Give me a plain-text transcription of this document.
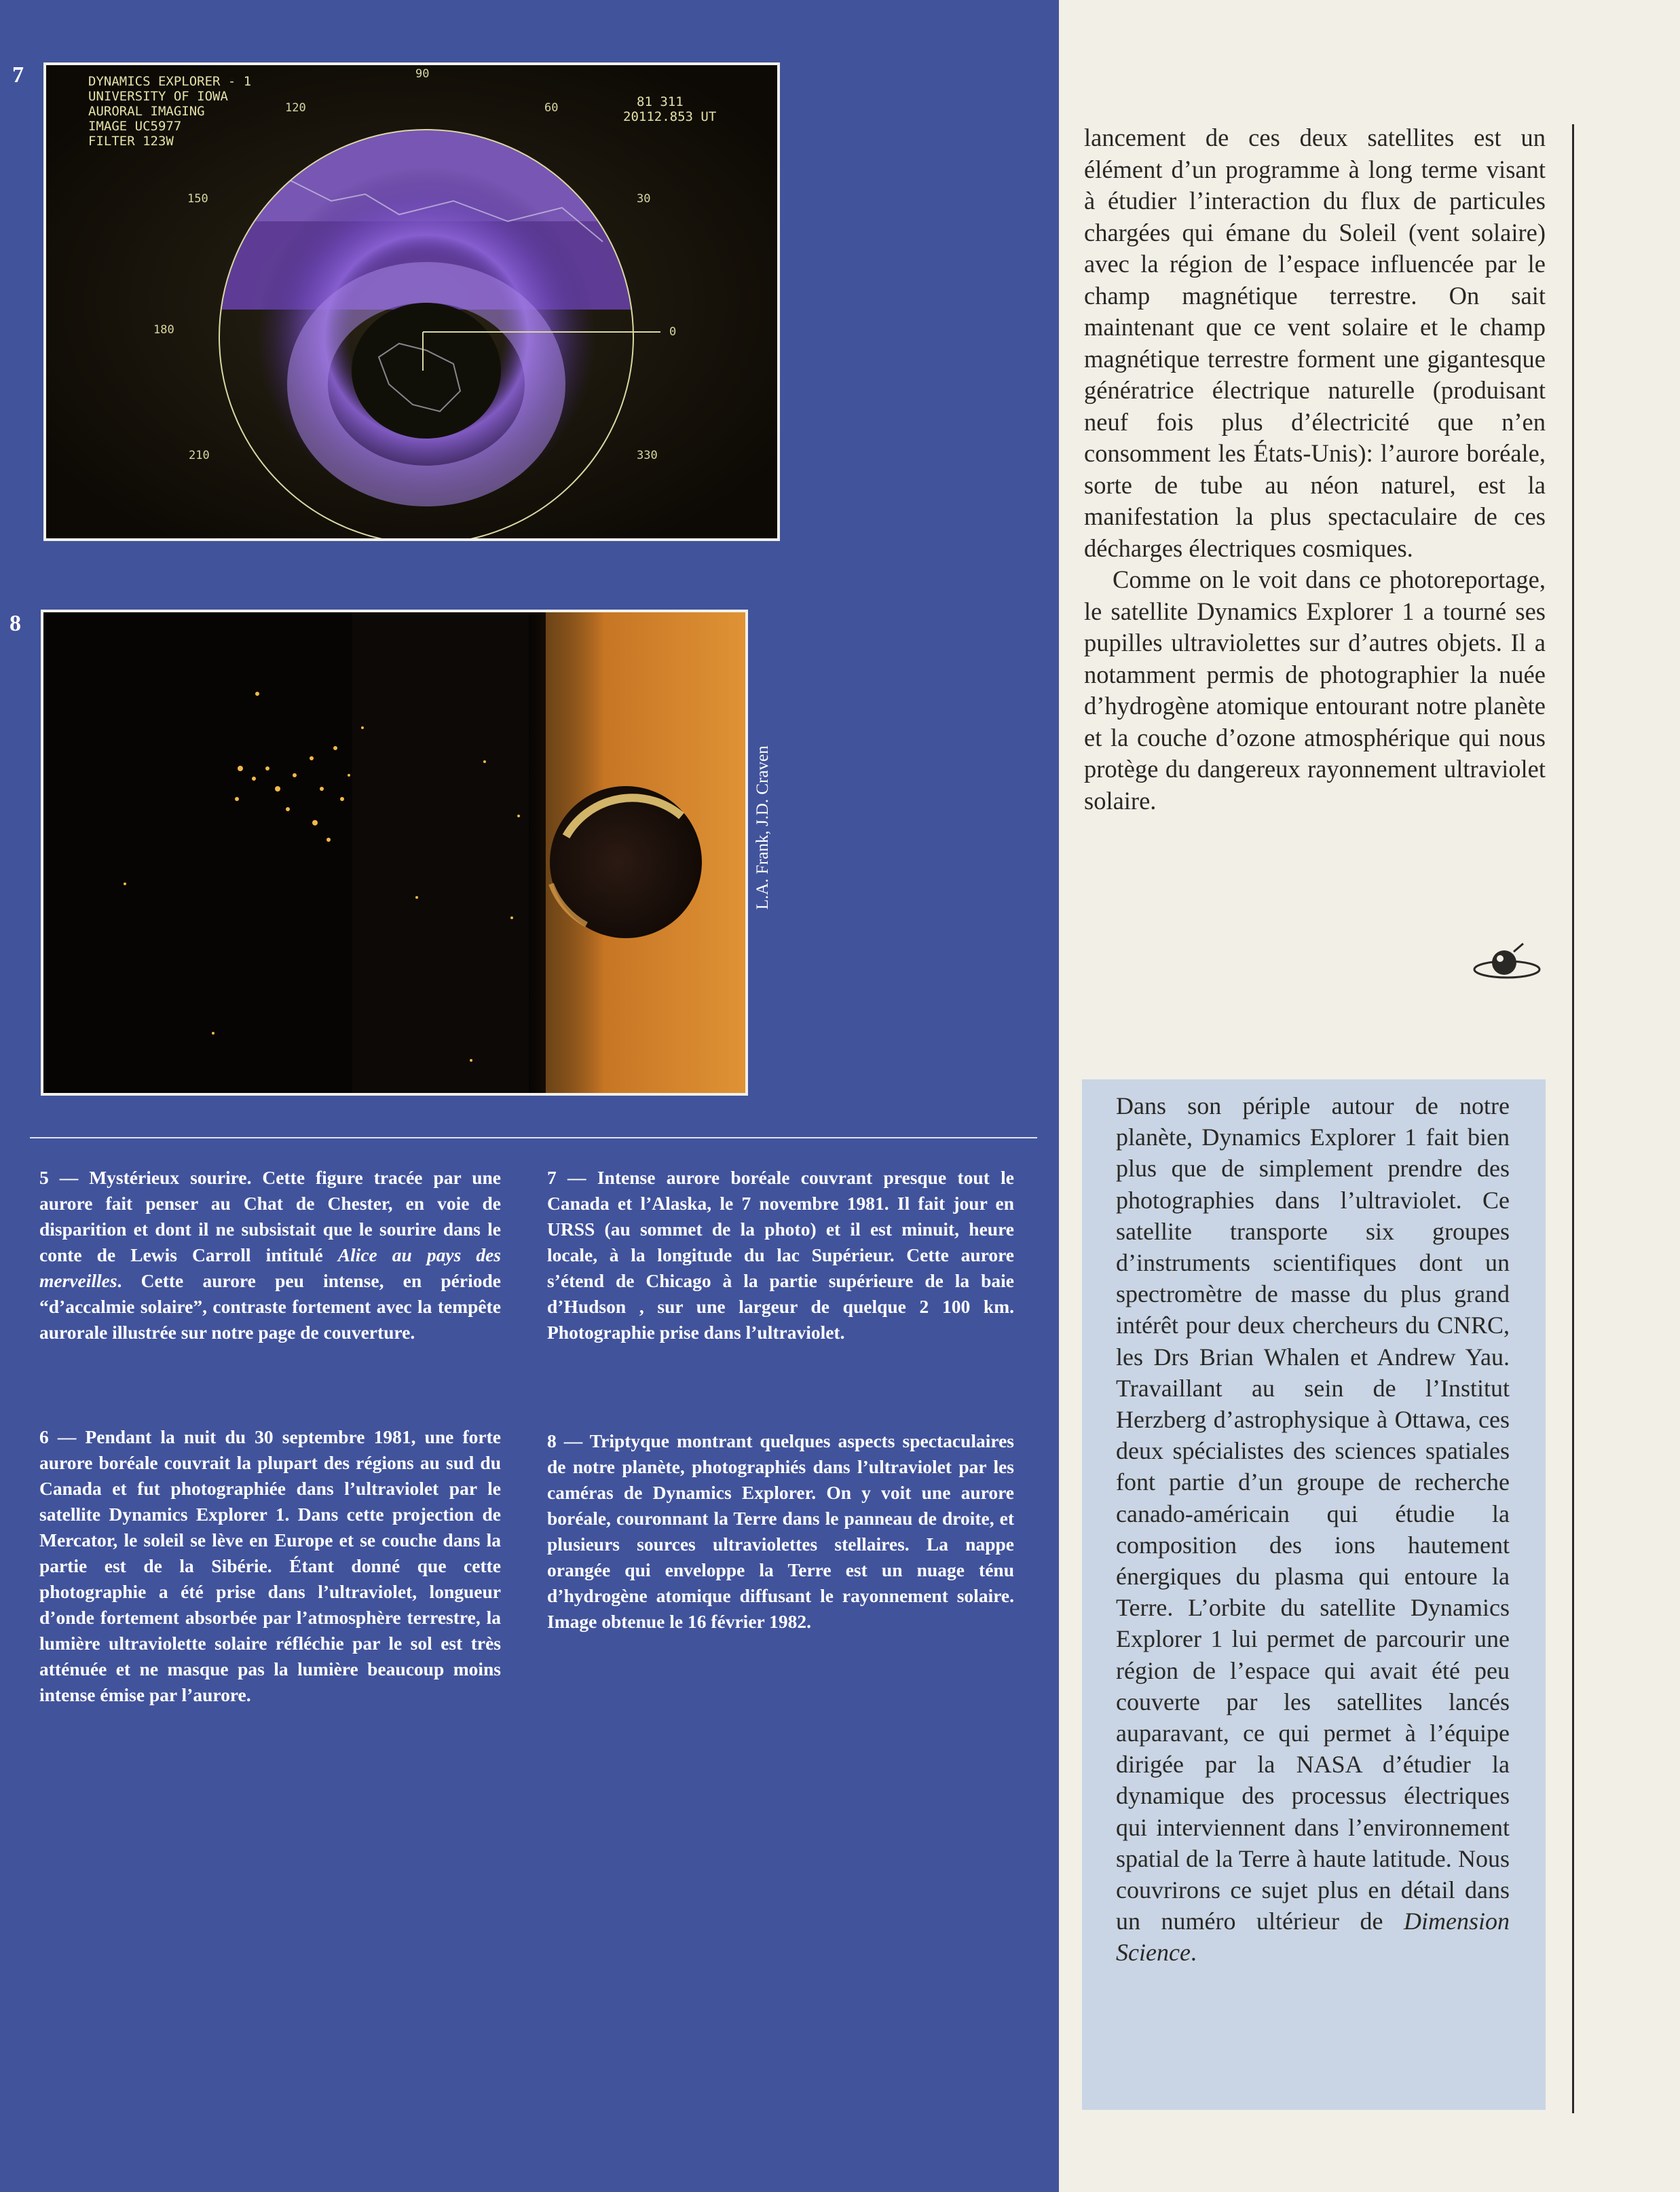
7
8
DYNAMICS EXPLORER - 1
UNIVERSITY OF IOWA
AURORAL IMAGING
IMAGE UC5977
FILTER 123W
81 311
20112.853 UT
90
60
120
150	30
180	0
210	330
L.A. Frank, J.D. Craven
5 — Mystérieux sourire. Cette figure tracée par une aurore fait penser au Chat de Chester, en voie de disparition et dont il ne subsistait que le sourire dans le conte de Lewis Carroll intitulé Alice au pays des merveilles. Cette aurore peu intense, en période “d’accalmie solaire”, contraste fortement avec la tempête aurorale illustrée sur notre page de couverture.
6 — Pendant la nuit du 30 septembre 1981, une forte aurore boréale couvrait la plupart des régions au sud du Canada et fut photographiée dans l’ultraviolet par le satellite Dynamics Explorer 1. Dans cette projection de Mercator, le soleil se lève en Europe et se couche dans la partie est de la Sibérie. Étant donné que cette photographie a été prise dans l’ultraviolet, longueur d’onde fortement absorbée par l’atmosphère terrestre, la lumière ultraviolette solaire réfléchie par le sol est très atténuée et ne masque pas la lumière beaucoup moins intense émise par l’aurore.
7 — Intense aurore boréale couvrant presque tout le Canada et l’Alaska, le 7 novembre 1981. Il fait jour en URSS (au sommet de la photo) et il est minuit, heure locale, à la longitude du lac Supérieur. Cette aurore s’étend de Chicago à la partie supérieure de la baie d’Hudson , sur une largeur de quelque 2 100 km. Photographie prise dans l’ultraviolet.
8 — Triptyque montrant quelques aspects spectaculaires de notre planète, photographiés dans l’ultraviolet par les caméras de Dynamics Explorer. On y voit une aurore boréale, couronnant la Terre dans le panneau de droite, et plusieurs sources ultraviolettes stellaires. La nappe orangée qui enveloppe la Terre est un nuage ténu d’hydrogène atomique diffusant le rayonnement solaire. Image obtenue le 16 février 1982.

lancement de ces deux satellites est un élément d’un programme à long terme visant à étudier l’interaction du flux de particules chargées qui émane du Soleil (vent solaire) avec la région de l’espace influencée par le champ magnétique terrestre. On sait maintenant que ce vent solaire et le champ magnétique terrestre forment une gigantesque génératrice électrique naturelle (produisant neuf fois plus d’électricité que n’en consomment les États-Unis): l’aurore boréale, sorte de tube au néon naturel, est la manifestation la plus spectaculaire de ces décharges électriques cosmiques.

Comme on le voit dans ce photoreportage, le satellite Dynamics Explorer 1 a tourné ses pupilles ultraviolettes sur d’autres objets. Il a notamment permis de photographier la nuée d’hydrogène atomique entourant notre planète et la couche d’ozone atmosphérique qui nous protège du dangereux rayonnement ultraviolet solaire.

Dans son périple autour de notre planète, Dynamics Explorer 1 fait bien plus que de simplement prendre des photographies dans l’ultraviolet. Ce satellite transporte six groupes d’instruments scientifiques dont un spectromètre de masse du plus grand intérêt pour deux chercheurs du CNRC, les Drs Brian Whalen et Andrew Yau. Travaillant au sein de l’Institut Herzberg d’astrophysique à Ottawa, ces deux spécialistes des sciences spatiales font partie d’un groupe de recherche canado-américain qui étudie la composition des ions hautement énergiques du plasma qui entoure la Terre. L’orbite du satellite Dynamics Explorer 1 lui permet de parcourir une région de l’espace qui avait été peu couverte par les satellites lancés auparavant, ce qui permet à l’équipe dirigée par la NASA d’étudier la dynamique des processus électriques qui interviennent dans l’environnement spatial de la Terre à haute latitude. Nous couvrirons ce sujet plus en détail dans un numéro ultérieur de Dimension Science.
